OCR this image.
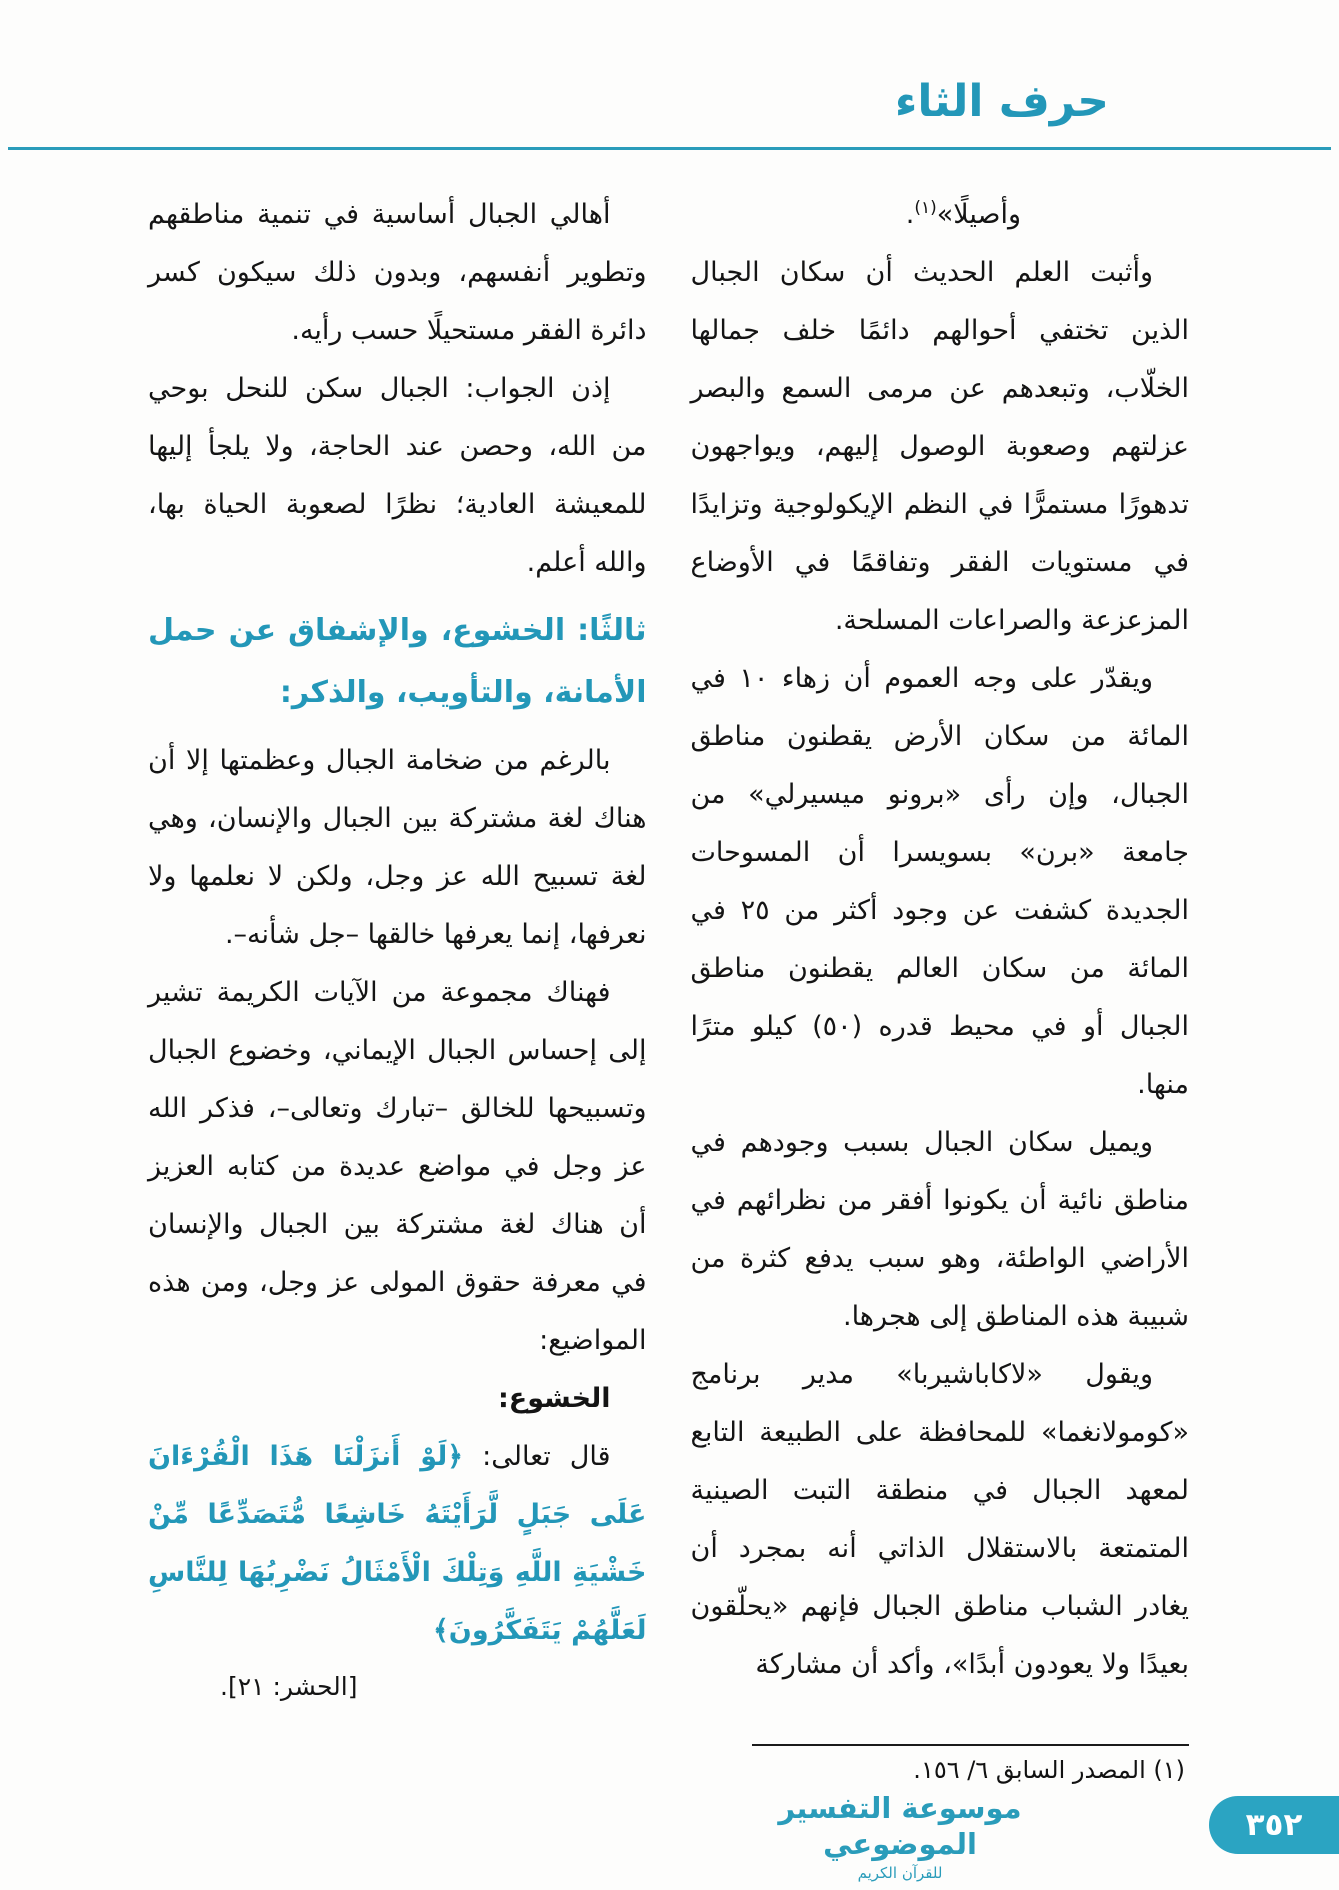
حرف الثاء

وأصيلًا»$^{(١)}$.

وأثبت العلم الحديث أن سكان الجبال الذين تختفي أحوالهم دائمًا خلف جمالها الخلّاب، وتبعدهم عن مرمى السمع والبصر عزلتهم وصعوبة الوصول إليهم، ويواجهون تدهورًا مستمرًّا في النظم الإيكولوجية وتزايدًا في مستويات الفقر وتفاقمًا في الأوضاع المزعزعة والصراعات المسلحة.

ويقدّر على وجه العموم أن زهاء ١٠ في المائة من سكان الأرض يقطنون مناطق الجبال، وإن رأى «برونو ميسيرلي» من جامعة «برن» بسويسرا أن المسوحات الجديدة كشفت عن وجود أكثر من ٢٥ في المائة من سكان العالم يقطنون مناطق الجبال أو في محيط قدره (٥٠) كيلو مترًا منها.

ويميل سكان الجبال بسبب وجودهم في مناطق نائية أن يكونوا أفقر من نظرائهم في الأراضي الواطئة، وهو سبب يدفع كثرة من شبيبة هذه المناطق إلى هجرها.

ويقول «لاكاباشيربا» مدير برنامج «كومولانغما» للمحافظة على الطبيعة التابع لمعهد الجبال في منطقة التبت الصينية المتمتعة بالاستقلال الذاتي أنه بمجرد أن يغادر الشباب مناطق الجبال فإنهم «يحلّقون بعيدًا ولا يعودون أبدًا»، وأكد أن مشاركة

أهالي الجبال أساسية في تنمية مناطقهم وتطوير أنفسهم، وبدون ذلك سيكون كسر دائرة الفقر مستحيلًا حسب رأيه.

إذن الجواب: الجبال سكن للنحل بوحي من الله، وحصن عند الحاجة، ولا يلجأ إليها للمعيشة العادية؛ نظرًا لصعوبة الحياة بها، والله أعلم.

ثالثًا: الخشوع، والإشفاق عن حمل الأمانة، والتأويب، والذكر:

بالرغم من ضخامة الجبال وعظمتها إلا أن هناك لغة مشتركة بين الجبال والإنسان، وهي لغة تسبيح الله عز وجل، ولكن لا نعلمها ولا نعرفها، إنما يعرفها خالقها –جل شأنه–.

فهناك مجموعة من الآيات الكريمة تشير إلى إحساس الجبال الإيماني، وخضوع الجبال وتسبيحها للخالق –تبارك وتعالى–، فذكر الله عز وجل في مواضع عديدة من كتابه العزيز أن هناك لغة مشتركة بين الجبال والإنسان في معرفة حقوق المولى عز وجل، ومن هذه المواضيع:

الخشوع:

قال تعالى: ﴿لَوْ أَنزَلْنَا هَذَا الْقُرْءَانَ عَلَى جَبَلٍ لَّرَأَيْتَهُ خَاشِعًا مُّتَصَدِّعًا مِّنْ خَشْيَةِ اللَّهِ وَتِلْكَ الْأَمْثَالُ نَضْرِبُهَا لِلنَّاسِ لَعَلَّهُمْ يَتَفَكَّرُونَ﴾

[الحشر: ٢١].

(١) المصدر السابق ٦/ ١٥٦.

موسوعة التفسير الموضوعي
للقرآن الكريم
٣٥٢
